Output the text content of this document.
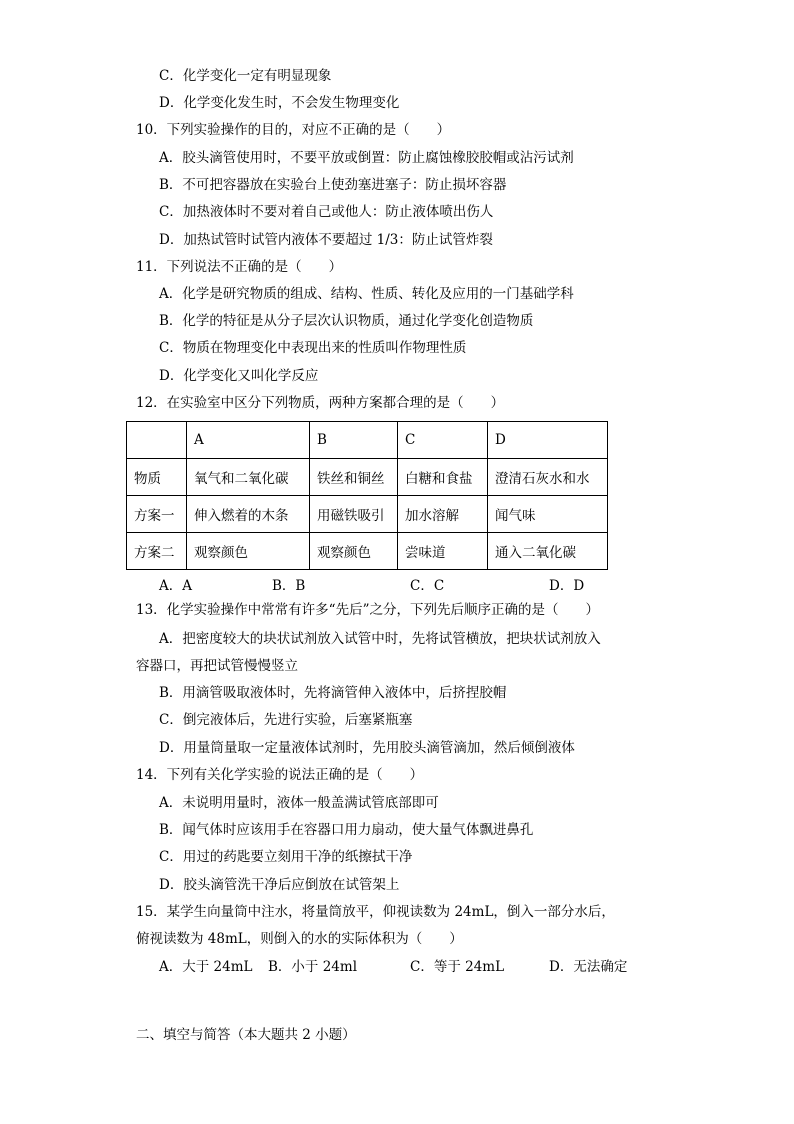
C．化学变化一定有明显现象
D．化学变化发生时，不会发生物理变化
10．下列实验操作的目的，对应不正确的是（　　）
A．胶头滴管使用时，不要平放或倒置：防止腐蚀橡胶胶帽或沾污试剂
B．不可把容器放在实验台上使劲塞进塞子：防止损坏容器
C．加热液体时不要对着自己或他人：防止液体喷出伤人
D．加热试管时试管内液体不要超过 1/3：防止试管炸裂
11．下列说法不正确的是（　　）
A．化学是研究物质的组成、结构、性质、转化及应用的一门基础学科
B．化学的特征是从分子层次认识物质，通过化学变化创造物质
C．物质在物理变化中表现出来的性质叫作物理性质
D．化学变化又叫化学反应
12．在实验室中区分下列物质，两种方案都合理的是（　　）
	A	B	C	D
物质	氧气和二氧化碳	铁丝和铜丝	白糖和食盐	澄清石灰水和水
方案一	伸入燃着的木条	用磁铁吸引	加水溶解	闻气味
方案二	观察颜色	观察颜色	尝味道	通入二氧化碳
A．A	B．B	C．C	D．D
13．化学实验操作中常常有许多“先后”之分，下列先后顺序正确的是（　　）
A．把密度较大的块状试剂放入试管中时，先将试管横放，把块状试剂放入
容器口，再把试管慢慢竖立
B．用滴管吸取液体时，先将滴管伸入液体中，后挤捏胶帽
C．倒完液体后，先进行实验，后塞紧瓶塞
D．用量筒量取一定量液体试剂时，先用胶头滴管滴加，然后倾倒液体
14．下列有关化学实验的说法正确的是（　　）
A．未说明用量时，液体一般盖满试管底部即可
B．闻气体时应该用手在容器口用力扇动，使大量气体飘进鼻孔
C．用过的药匙要立刻用干净的纸擦拭干净
D．胶头滴管洗干净后应倒放在试管架上
15．某学生向量筒中注水，将量筒放平，仰视读数为 24mL，倒入一部分水后，
俯视读数为 48mL，则倒入的水的实际体积为（　　）
A．大于 24mL B．小于 24ml	C．等于 24mL	D．无法确定
二、填空与简答（本大题共 2 小题）
